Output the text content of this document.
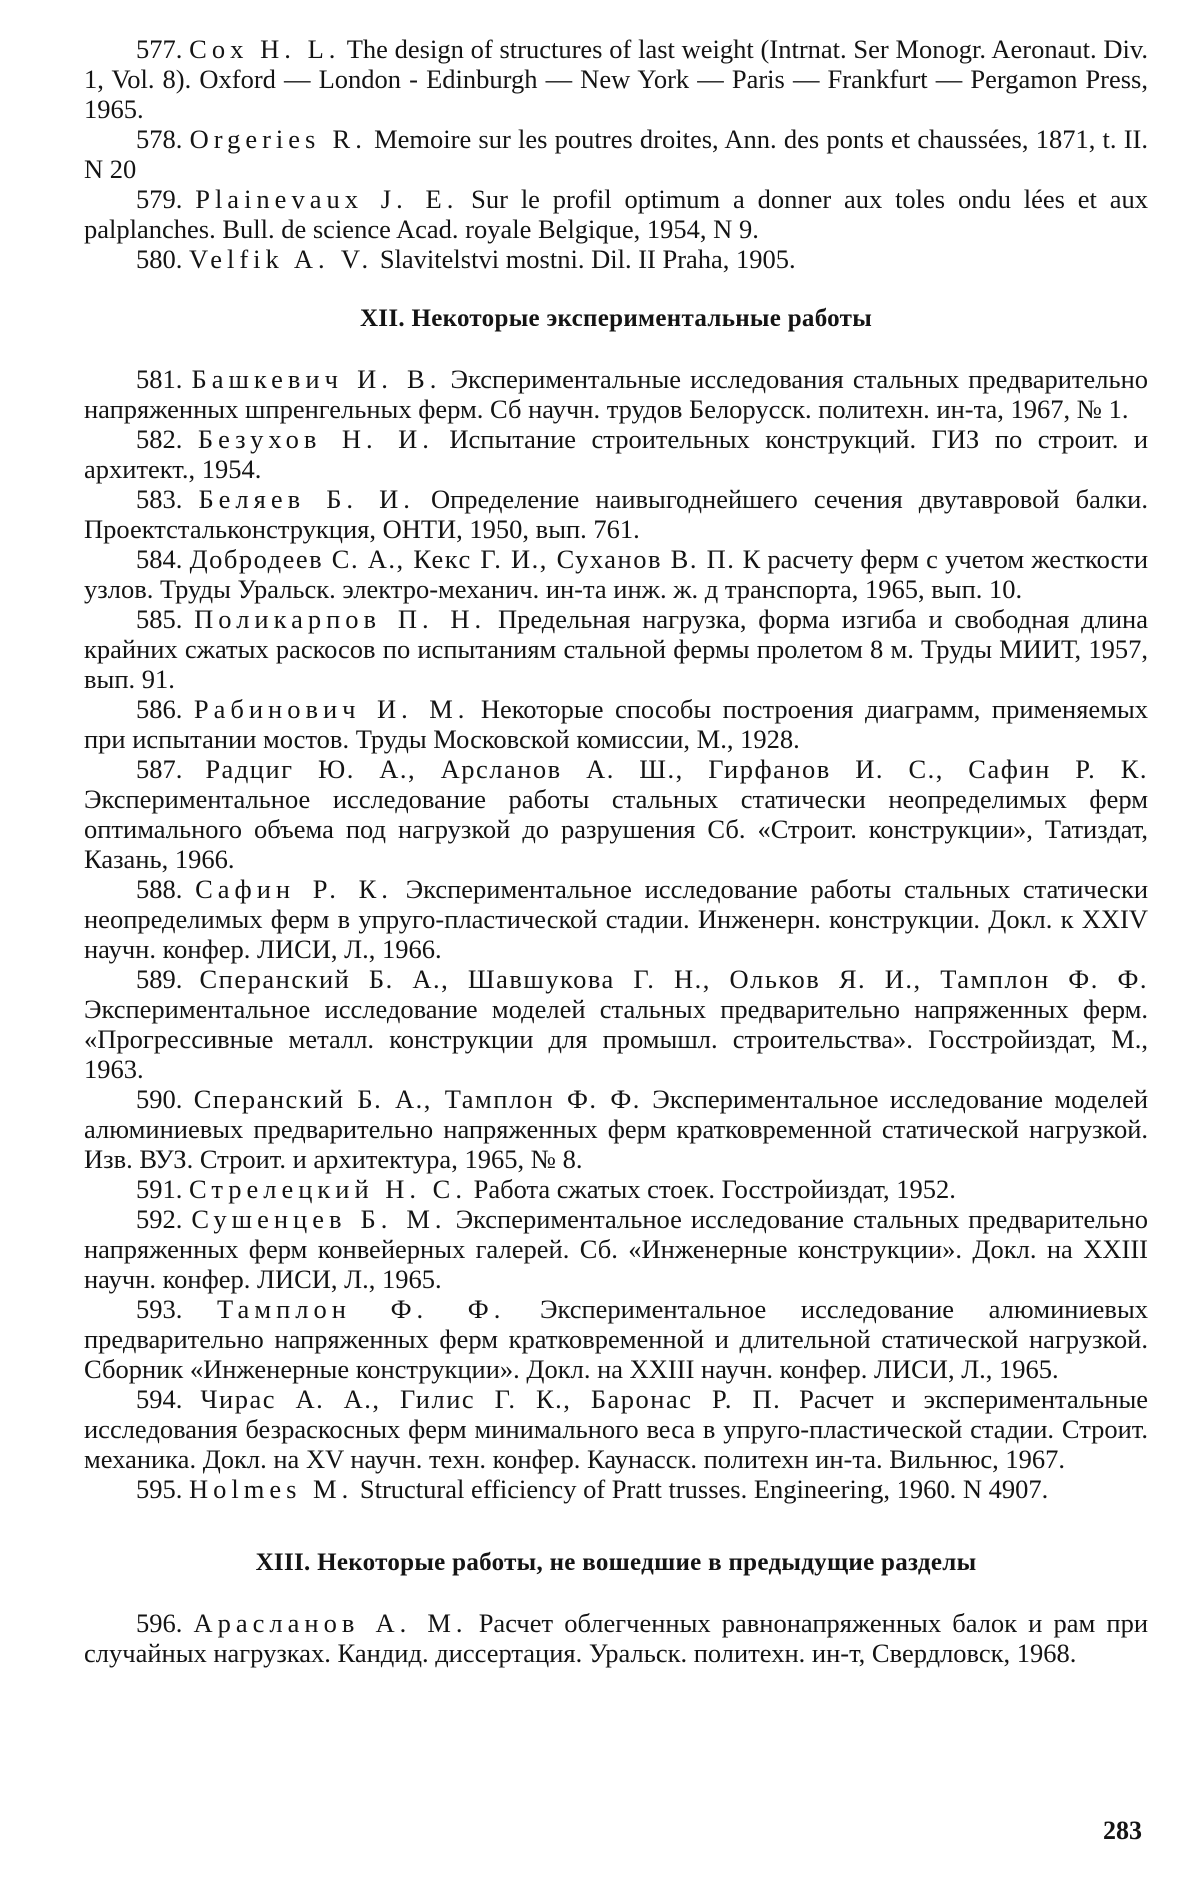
577. Cox H. L. The design of structures of last weight (Intrnat. Ser Monogr. Aeronaut. Div. 1, Vol. 8). Oxford — London - Edinburgh — New York — Paris — Frankfurt — Pergamon Press, 1965.

578. Orgeries R. Memoire sur les poutres droites, Ann. des ponts et chaussées, 1871, t. II. N 20

579. Plainevaux J. E. Sur le profil optimum a donner aux toles ondu lées et aux palplanches. Bull. de science Acad. royale Belgique, 1954, N 9.

580. Velfik A. V. Slavitelstvi mostni. Dil. II Praha, 1905.

XII. Некоторые экспериментальные работы

581. Башкевич И. В. Экспериментальные исследования стальных предварительно напряженных шпренгельных ферм. Сб научн. трудов Белорусск. политехн. ин-та, 1967, № 1.

582. Безухов Н. И. Испытание строительных конструкций. ГИЗ по строит. и архитект., 1954.

583. Беляев Б. И. Определение наивыгоднейшего сечения двутавровой балки. Проектстальконструкция, ОНТИ, 1950, вып. 761.

584. Добродеев С. А., Кекс Г. И., Суханов В. П. К расчету ферм с учетом жесткости узлов. Труды Уральск. электро-механич. ин-та инж. ж. д транспорта, 1965, вып. 10.

585. Поликарпов П. Н. Предельная нагрузка, форма изгиба и свободная длина крайних сжатых раскосов по испытаниям стальной фермы пролетом 8 м. Труды МИИТ, 1957, вып. 91.

586. Рабинович И. М. Некоторые способы построения диаграмм, применяемых при испытании мостов. Труды Московской комиссии, М., 1928.

587. Радциг Ю. А., Арсланов А. Ш., Гирфанов И. С., Сафин Р. К. Экспериментальное исследование работы стальных статически неопределимых ферм оптимального объема под нагрузкой до разрушения Сб. «Строит. конструкции», Татиздат, Казань, 1966.

588. Сафин Р. К. Экспериментальное исследование работы стальных статически неопределимых ферм в упруго-пластической стадии. Инженерн. конструкции. Докл. к XXIV научн. конфер. ЛИСИ, Л., 1966.

589. Сперанский Б. А., Шавшукова Г. Н., Ольков Я. И., Тамплон Ф. Ф. Экспериментальное исследование моделей стальных предварительно напряженных ферм. «Прогрессивные металл. конструкции для промышл. строительства». Госстройиздат, М., 1963.

590. Сперанский Б. А., Тамплон Ф. Ф. Экспериментальное исследование моделей алюминиевых предварительно напряженных ферм кратковременной статической нагрузкой. Изв. ВУЗ. Строит. и архитектура, 1965, № 8.

591. Стрелецкий Н. С. Работа сжатых стоек. Госстройиздат, 1952.

592. Сушенцев Б. М. Экспериментальное исследование стальных предварительно напряженных ферм конвейерных галерей. Сб. «Инженерные конструкции». Докл. на XXIII научн. конфер. ЛИСИ, Л., 1965.

593. Тамплон Ф. Ф. Экспериментальное исследование алюминиевых предварительно напряженных ферм кратковременной и длительной статической нагрузкой. Сборник «Инженерные конструкции». Докл. на XXIII научн. конфер. ЛИСИ, Л., 1965.

594. Чирас А. А., Гилис Г. К., Баронас Р. П. Расчет и экспериментальные исследования безраскосных ферм минимального веса в упруго-пластической стадии. Строит. механика. Докл. на XV научн. техн. конфер. Каунасск. политехн ин-та. Вильнюс, 1967.

595. Holmes M. Structural efficiency of Pratt trusses. Engineering, 1960. N 4907.

XIII. Некоторые работы, не вошедшие в предыдущие разделы

596. Арасланов А. М. Расчет облегченных равнонапряженных балок и рам при случайных нагрузках. Кандид. диссертация. Уральск. политехн. ин-т, Свердловск, 1968.

283
